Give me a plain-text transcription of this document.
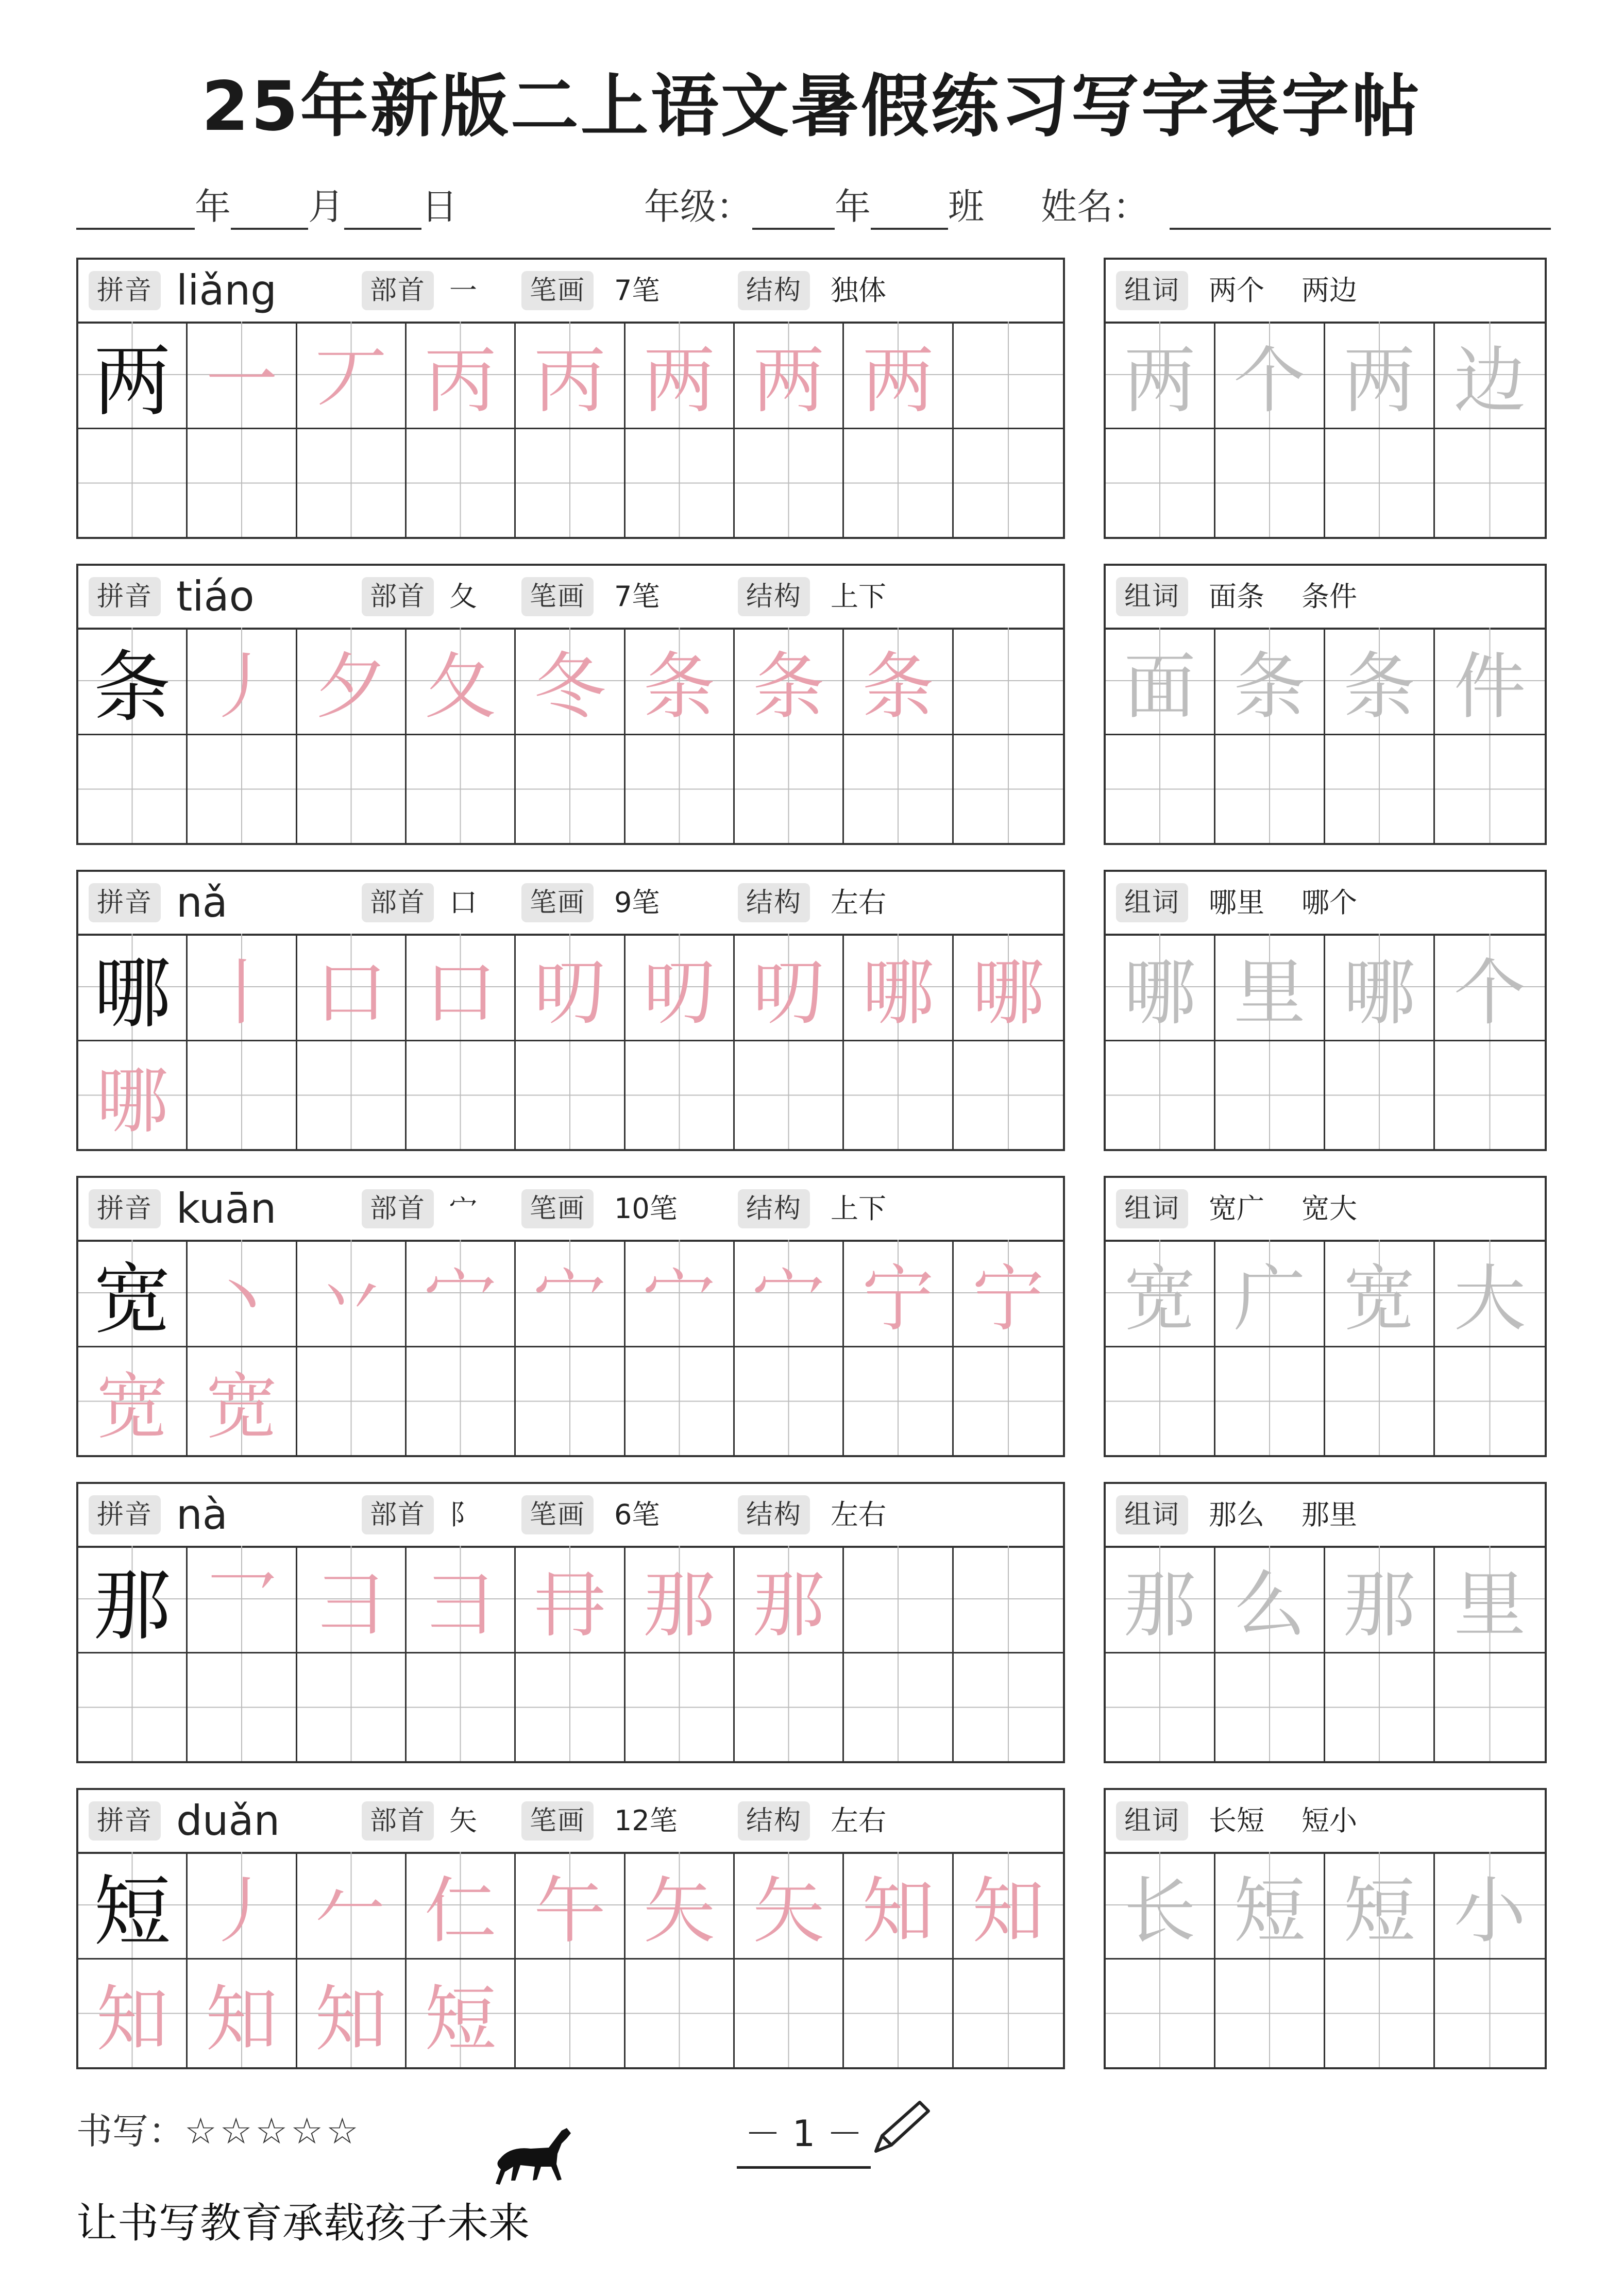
25年新版二上语文暑假练习写字表字帖
年 月 日	年级： 年 班 姓名：
拼音 liǎng	部首 一	笔画 7笔	结构 独体
两 一 丆 丙 丙 两 两 两
组词 两个 两边
两 个 两 边
拼音 tiáo	部首 夂	笔画 7笔	结构 上下
条 丿 夕 夂 冬 条 条 条
组词 面条 条件
面 条 条 件
拼音 nǎ	部首 口	笔画 9笔	结构 左右
哪 丨 口 口 叨 叨 叨 哪 哪
哪
组词 哪里 哪个
哪 里 哪 个
拼音 kuān	部首 宀	笔画 10笔	结构 上下
宽 丶 丷 宀 宀 宀 宀 宁 宁
宽 宽
组词 宽广 宽大
宽 广 宽 大
拼音 nà	部首 阝	笔画 6笔	结构 左右
那 乛 彐 彐 冄 那 那
组词 那么 那里
那 么 那 里
拼音 duǎn	部首 矢	笔画 12笔	结构 左右
短 丿 𠂉 仁 午 矢 矢 知 知
知 知 知 短
组词 长短 短小
长 短 短 小
书写：☆☆☆☆☆	－ 1 －
让书写教育承载孩子未来
